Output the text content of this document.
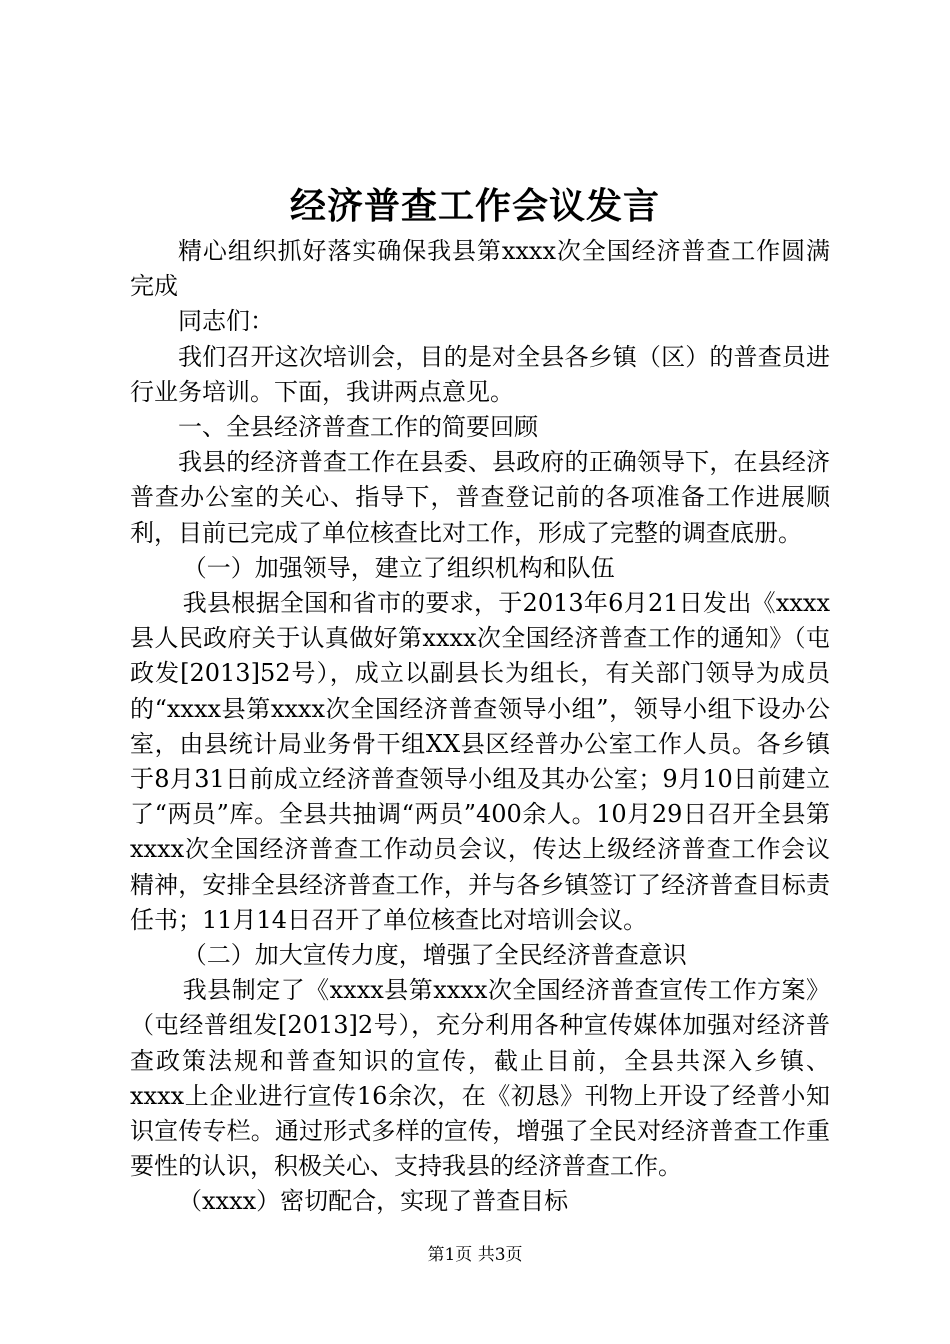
经济普查工作会议发言

精心组织抓好落实确保我县第xxxx次全国经济普查工作圆满完成

同志们：

我们召开这次培训会，目的是对全县各乡镇（区）的普查员进行业务培训。下面，我讲两点意见。

一、全县经济普查工作的简要回顾

我县的经济普查工作在县委、县政府的正确领导下，在县经济普查办公室的关心、指导下，普查登记前的各项准备工作进展顺利，目前已完成了单位核查比对工作，形成了完整的调查底册。

（一）加强领导，建立了组织机构和队伍

我县根据全国和省市的要求，于2013年6月21日发出《xxxx县人民政府关于认真做好第xxxx次全国经济普查工作的通知》（屯政发[2013]52号），成立以副县长为组长，有关部门领导为成员的“xxxx县第xxxx次全国经济普查领导小组”，领导小组下设办公室，由县统计局业务骨干组XX县区经普办公室工作人员。各乡镇于8月31日前成立经济普查领导小组及其办公室；9月10日前建立了“两员”库。全县共抽调“两员”400余人。10月29日召开全县第xxxx次全国经济普查工作动员会议，传达上级经济普查工作会议精神，安排全县经济普查工作，并与各乡镇签订了经济普查目标责任书；11月14日召开了单位核查比对培训会议。

（二）加大宣传力度，增强了全民经济普查意识

我县制定了《xxxx县第xxxx次全国经济普查宣传工作方案》（屯经普组发[2013]2号），充分利用各种宣传媒体加强对经济普查政策法规和普查知识的宣传，截止目前，全县共深入乡镇、xxxx上企业进行宣传16余次，在《初恳》刊物上开设了经普小知识宣传专栏。通过形式多样的宣传，增强了全民对经济普查工作重要性的认识，积极关心、支持我县的经济普查工作。

（xxxx）密切配合，实现了普查目标

第1页 共3页
